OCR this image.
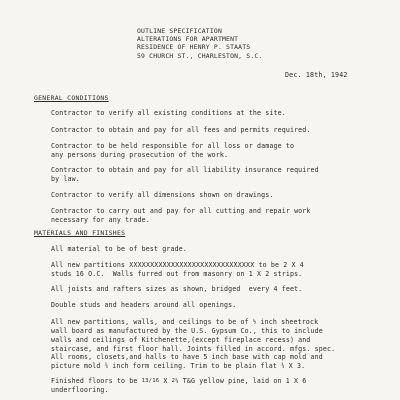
OUTLINE SPECIFICATION
ALTERATIONS FOR APARTMENT
RESIDENCE OF HENRY P. STAATS
59 CHURCH ST., CHARLESTON, S.C.
Dec. 18th, 1942
GENERAL CONDITIONS
Contractor to verify all existing conditions at the site.
Contractor to obtain and pay for all fees and permits required.
Contractor to be held responsible for all loss or damage to
any persons during prosecution of the work.
Contractor to obtain and pay for all liability insurance required
by law.
Contractor to verify all dimensions shown on drawings.
Contractor to carry out and pay for all cutting and repair work
necessary for any trade.
MATERIALS AND FINISHES
All material to be of best grade.
All new partitions XXXXXXXXXXXXXXXXXXXXXXXXXXXXXX to be 2 X 4
studs 16 O.C.  Walls furred out from masonry on 1 X 2 strips.
All joists and rafters sizes as shown, bridged  every 4 feet.
Double studs and headers around all openings.
All new partitions, walls, and ceilings to be of ½ inch sheetrock
wall board as manufactured by the U.S. Gypsum Co., this to include
walls and ceilings of Kitchenette,(except fireplace recess) and
staircase, and first floor hall. Joints filled in accord. mfgs. spec.
All rooms, closets,and halls to have 5 inch base with cap mold and
picture mold ¾ inch form ceiling. Trim to be plain flat ¾ X 3.
Finished floors to be 13/16 X 2¼ T&G yellow pine, laid on 1 X 6
underflooring.
